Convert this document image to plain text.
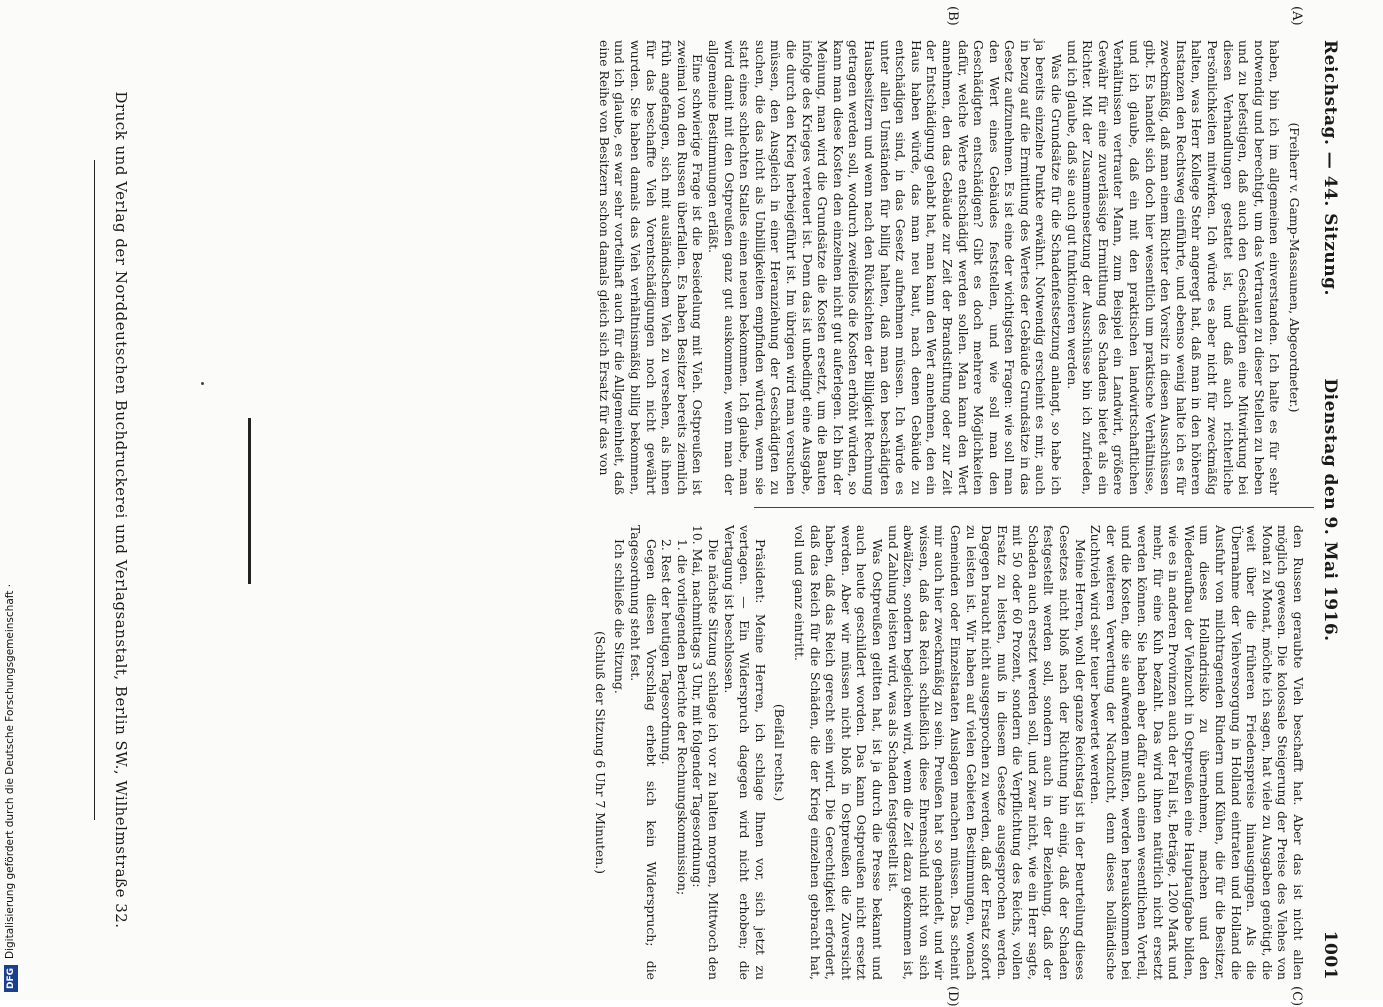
Reichstag. — 44. Sitzung.
Dienstag den 9. Mai 1916.
1001
(A)
(B)
(C)
(D)

(Freiherr v. Gamp-Massaunen, Abgeordneter.)

haben, bin ich im allgemeinen einverstanden. Ich halte es für sehr notwendig und berechtigt, um das Vertrauen zu dieser Stellen zu heben und zu befestigen, daß auch den Geschädigten eine Mitwirkung bei diesen Verhandlungen gestattet ist, und daß auch richterliche Persönlichkeiten mitwirken. Ich würde es aber nicht für zweckmäßig halten, was Herr Kollege Stehr angeregt hat, daß man in den höheren Instanzen den Rechtsweg einführte, und ebenso wenig halte ich es für zweckmäßig, daß man einem Richter den Vorsitz in diesen Ausschüssen gibt. Es handelt sich doch hier wesentlich um praktische Verhältnisse, und ich glaube, daß ein mit den praktischen landwirtschaftlichen Verhältnissen vertrauter Mann, zum Beispiel ein Landwirt, größere Gewähr für eine zuverlässige Ermittlung des Schadens bietet als ein Richter. Mit der Zusammensetzung der Ausschüsse bin ich zufrieden, und ich glaube, daß sie auch gut funktionieren werden.

Was die Grundsätze für die Schadenfestsetzung anlangt, so habe ich ja bereits einzelne Punkte erwähnt. Notwendig erscheint es mir, auch in bezug auf die Ermittlung des Wertes der Gebäude Grundsätze in das Gesetz aufzunehmen. Es ist eine der wichtigsten Fragen: wie soll man den Wert eines Gebäudes feststellen, und wie soll man den Geschädigten entschädigen? Gibt es doch mehrere Möglichkeiten dafür, welche Werte entschädigt werden sollen. Man kann den Wert annehmen, den das Gebäude zur Zeit der Brandstiftung oder zur Zeit der Entschädigung gehabt hat, man kann den Wert annehmen, den ein Haus haben würde, das man neu baut, nach denen Gebäude zu entschädigen sind, in das Gesetz aufnehmen müssen. Ich würde es unter allen Umständen für billig halten, daß man den beschädigten Hausbesitzern und wenn nach den Rücksichten der Billigkeit Rechnung getragen werden soll, wodurch zweifellos die Kosten erhöht würden, so kann man diese Kosten den einzelnen nicht gut auferlegen. Ich bin der Meinung, man wird die Grundsätze die Kosten ersetzt, um die Bauten infolge des Krieges verteuert ist. Denn das ist unbedingt eine Ausgabe, die durch den Krieg herbeigeführt ist. Im übrigen wird man versuchen müssen, den Ausgleich in einer Heranziehung der Geschädigten zu suchen, die das nicht als Unbilligkeiten empfinden würden, wenn sie statt eines schlechten Stalles einen neuen bekommen. Ich glaube, man wird damit mit den Ostpreußen ganz gut auskommen, wenn man der allgemeine Bestimmungen erläßt.

Eine schwierige Frage ist die Besiedelung mit Vieh. Ostpreußen ist zweimal von den Russen überfallen. Es haben Besitzer bereits ziemlich früh angefangen, sich mit ausländischem Vieh zu versehen, als ihnen für das beschaffte Vieh Vorentschädigungen noch nicht gewährt wurden. Sie haben damals das Vieh verhältnismäßig billig bekommen, und ich glaube, es war sehr vorteilhaft auch für die Allgemeinheit, daß eine Reihe von Besitzern schon damals gleich sich Ersatz für das von

den Russen geraubte Vieh beschafft hat. Aber das ist nicht allen möglich gewesen. Die kolossale Steigerung der Preise des Viehes von Monat zu Monat, möchte ich sagen, hat viele zu Ausgaben genötigt, die weit über die früheren Friedenspreise hinausgingen. Als die Übernahme der Viehversorgung in Holland eintraten und Holland die Ausfuhr von milchtragenden Rindern und Kühen, die für die Besitzer, um dieses Hollandrisiko zu übernehmen, machen und den Wiederaufbau der Viehzucht in Ostpreußen eine Hauptaufgabe bilden, wie es in anderen Provinzen auch der Fall ist, Beträge, 1200 Mark und mehr, für eine Kuh bezahlt. Das wird ihnen natürlich nicht ersetzt werden können. Sie haben aber dafür auch einen wesentlichen Vorteil, und die Kosten, die sie aufwenden mußten, werden herauskommen bei der weiteren Verwertung der Nachzucht, denn dieses holländische Zuchtvieh wird sehr teuer bewertet werden.

Meine Herren, wohl der ganze Reichstag ist in der Beurteilung dieses Gesetzes nicht bloß nach der Richtung hin einig, daß der Schaden festgestellt werden soll, sondern auch in der Beziehung, daß der Schaden auch ersetzt werden soll, und zwar nicht, wie ein Herr sagte, mit 50 oder 60 Prozent, sondern die Verpflichtung des Reichs, vollen Ersatz zu leisten, muß in diesem Gesetze ausgesprochen werden. Dagegen braucht nicht ausgesprochen zu werden, daß der Ersatz sofort zu leisten ist. Wir haben auf vielen Gebieten Bestimmungen, wonach Gemeinden oder Einzelstaaten Auslagen machen müssen. Das scheint mir auch hier zweckmäßig zu sein. Preußen hat so gehandelt, und wir wissen, daß das Reich schließlich diese Ehrenschuld nicht von sich abwälzen, sondern begleichen wird, wenn die Zeit dazu gekommen ist, und Zahlung leisten wird, was als Schaden festgestellt ist.

Was Ostpreußen gelitten hat, ist ja durch die Presse bekannt und auch heute geschildert worden. Das kann Ostpreußen nicht ersetzt werden. Aber wir müssen nicht bloß in Ostpreußen die Zuversicht haben, daß das Reich gerecht sein wird. Die Gerechtigkeit erfordert, daß das Reich für die Schäden, die der Krieg einzelnen gebracht hat, voll und ganz eintritt.

(Beifall rechts.)

Präsident: Meine Herren, ich schlage Ihnen vor, sich jetzt zu vertagen. — Ein Widerspruch dagegen wird nicht erhoben; die Vertagung ist beschlossen.

Die nächste Sitzung schlage ich vor zu halten morgen, Mittwoch den 10. Mai, nachmittags 3 Uhr, mit folgender Tagesordnung:

1. die vorliegenden Berichte der Rechnungskommission;

2. Rest der heutigen Tagesordnung.

Gegen diesen Vorschlag erhebt sich kein Widerspruch; die Tagesordnung steht fest.

Ich schließe die Sitzung.

(Schluß der Sitzung 6 Uhr 7 Minuten.)

Druck und Verlag der Norddeutschen Buchdruckerei und Verlagsanstalt, Berlin SW., Wilhelmstraße 32.
DFGDigitalisierung gefördert durch die Deutsche Forschungsgemeinschaft ·
